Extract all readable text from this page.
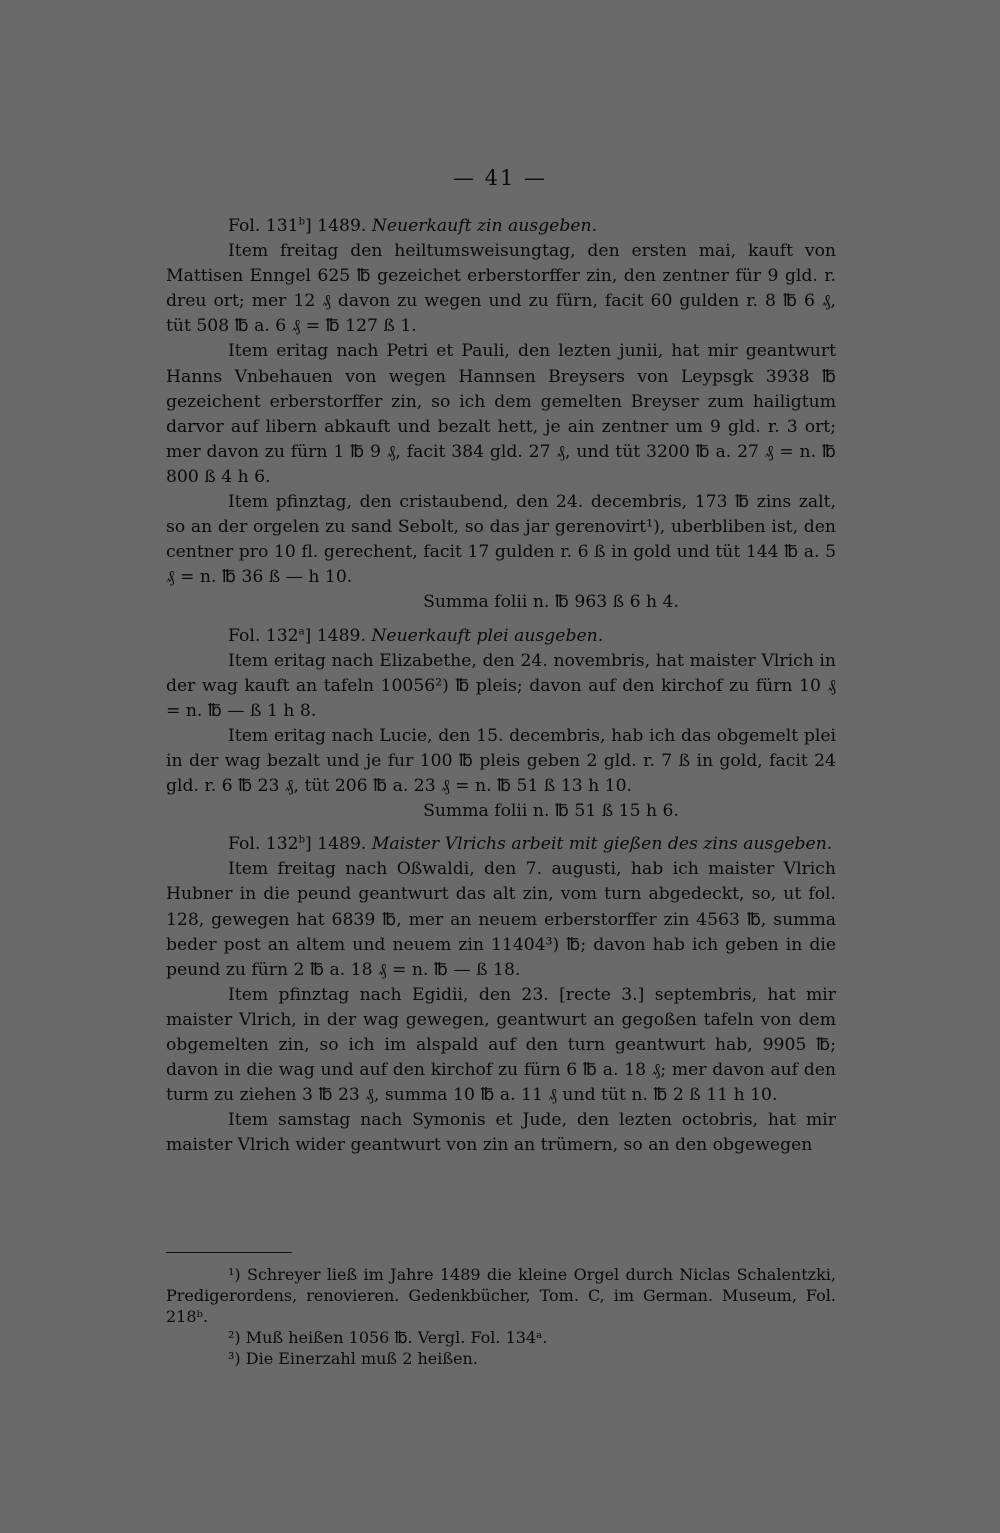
— 41 —

Fol. 131$^b$] 1489. Neuerkauft zin ausgeben.

Item freitag den heiltumsweisungtag, den ersten mai, kauft von Mattisen Enngel 625 ℔ gezeichet erberstorffer zin, den zentner für 9 gld. r. dreu ort; mer 12 ₰ davon zu wegen und zu fürn, facit 60 gulden r. 8 ℔ 6 ₰, tüt 508 ℔ a. 6 ₰ = ℔ 127 ß 1.

Item eritag nach Petri et Pauli, den lezten junii, hat mir geantwurt Hanns Vnbehauen von wegen Hannsen Breysers von Leypsgk 3938 ℔ gezeichent erberstorffer zin, so ich dem gemelten Breyser zum hailigtum darvor auf libern abkauft und bezalt hett, je ain zentner um 9 gld. r. 3 ort; mer davon zu fürn 1 ℔ 9 ₰, facit 384 gld. 27 ₰, und tüt 3200 ℔ a. 27 ₰ = n. ℔ 800 ß 4 h 6.

Item pfinztag, den cristaubend, den 24. decembris, 173 ℔ zins zalt, so an der orgelen zu sand Sebolt, so das jar gerenovirt¹), uberbliben ist, den centner pro 10 fl. gerechent, facit 17 gulden r. 6 ß in gold und tüt 144 ℔ a. 5 ₰ = n. ℔ 36 ß — h 10.

Summa folii n. ℔ 963 ß 6 h 4.

Fol. 132$^a$] 1489. Neuerkauft plei ausgeben.

Item eritag nach Elizabethe, den 24. novembris, hat maister Vlrich in der wag kauft an tafeln 10056²) ℔ pleis; davon auf den kirchof zu fürn 10 ₰ = n. ℔ — ß 1 h 8.

Item eritag nach Lucie, den 15. decembris, hab ich das obgemelt plei in der wag bezalt und je fur 100 ℔ pleis geben 2 gld. r. 7 ß in gold, facit 24 gld. r. 6 ℔ 23 ₰, tüt 206 ℔ a. 23 ₰ = n. ℔ 51 ß 13 h 10.

Summa folii n. ℔ 51 ß 15 h 6.

Fol. 132$^b$] 1489. Maister Vlrichs arbeit mit gießen des zins ausgeben.

Item freitag nach Oßwaldi, den 7. augusti, hab ich maister Vlrich Hubner in die peund geantwurt das alt zin, vom turn abgedeckt, so, ut fol. 128, gewegen hat 6839 ℔, mer an neuem erberstorffer zin 4563 ℔, summa beder post an altem und neuem zin 11404³) ℔; davon hab ich geben in die peund zu fürn 2 ℔ a. 18 ₰ = n. ℔ — ß 18.

Item pfinztag nach Egidii, den 23. [recte 3.] septembris, hat mir maister Vlrich, in der wag gewegen, geantwurt an gegoßen tafeln von dem obgemelten zin, so ich im alspald auf den turn geantwurt hab, 9905 ℔; davon in die wag und auf den kirchof zu fürn 6 ℔ a. 18 ₰; mer davon auf den turm zu ziehen 3 ℔ 23 ₰, summa 10 ℔ a. 11 ₰ und tüt n. ℔ 2 ß 11 h 10.

Item samstag nach Symonis et Jude, den lezten octobris, hat mir maister Vlrich wider geantwurt von zin an trümern, so an den obgewegen

¹) Schreyer ließ im Jahre 1489 die kleine Orgel durch Niclas Schalentzki, Predigerordens, renovieren. Gedenkbücher, Tom. C, im German. Museum, Fol. 218ᵇ.

²) Muß heißen 1056 ℔. Vergl. Fol. 134ᵃ.

³) Die Einerzahl muß 2 heißen.
